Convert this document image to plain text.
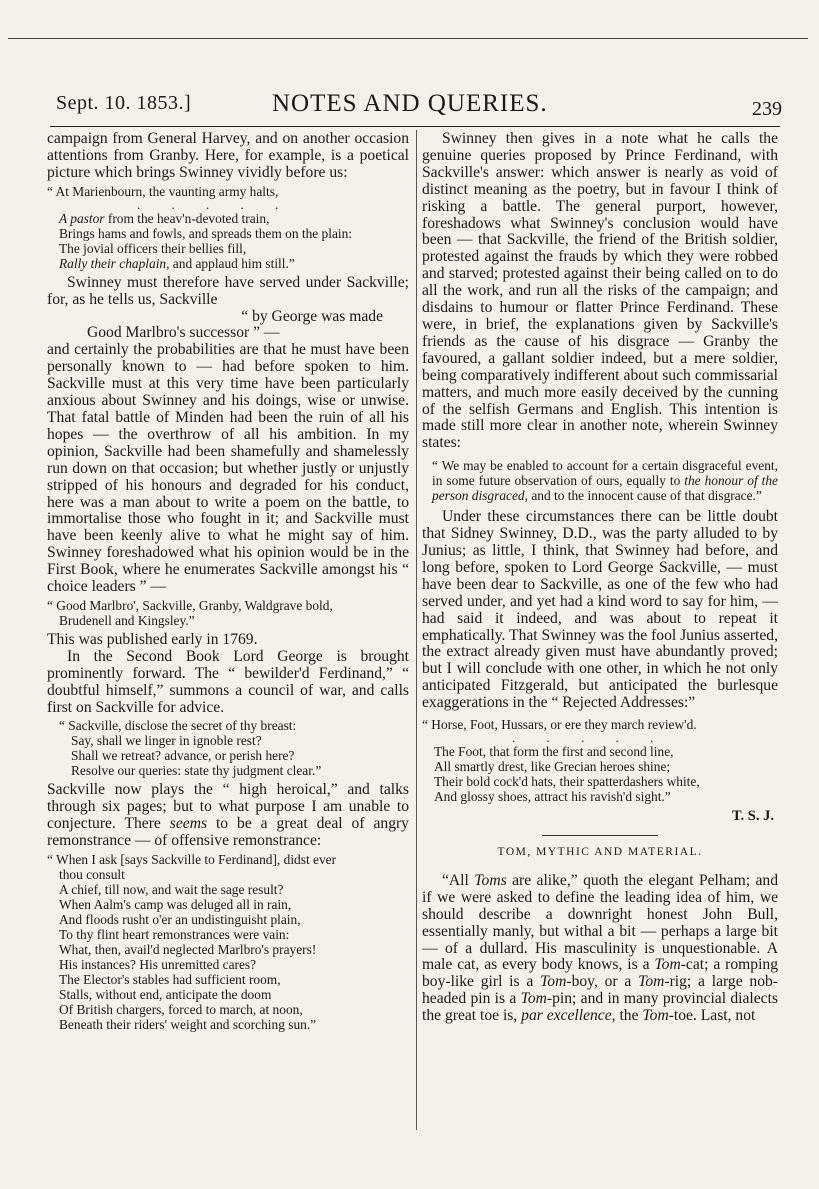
Sept. 10. 1853.]	NOTES AND QUERIES.	239

campaign from General Harvey, and on another occasion attentions from Granby. Here, for example, is a poetical picture which brings Swinney vividly before us:

“ At Marienbourn, the vaunting army halts,
. . . . .
A pastor from the heav'n-devoted train,
Brings hams and fowls, and spreads them on the plain:
The jovial officers their bellies fill,
Rally their chaplain, and applaud him still.”

Swinney must therefore have served under Sackville; for, as he tells us, Sackville

“ by George was made
Good Marlbro's successor ” —

and certainly the probabilities are that he must have been personally known to — had before spoken to him. Sackville must at this very time have been particularly anxious about Swinney and his doings, wise or unwise. That fatal battle of Minden had been the ruin of all his hopes — the overthrow of all his ambition. In my opinion, Sackville had been shamefully and shamelessly run down on that occasion; but whether justly or unjustly stripped of his honours and degraded for his conduct, here was a man about to write a poem on the battle, to immortalise those who fought in it; and Sackville must have been keenly alive to what he might say of him. Swinney foreshadowed what his opinion would be in the First Book, where he enumerates Sackville amongst his “ choice leaders ” —

“ Good Marlbro', Sackville, Granby, Waldgrave bold,
Brudenell and Kingsley.”

This was published early in 1769.

In the Second Book Lord George is brought prominently forward. The “ bewilder'd Ferdinand,” “ doubtful himself,” summons a council of war, and calls first on Sackville for advice.

“ Sackville, disclose the secret of thy breast:
Say, shall we linger in ignoble rest?
Shall we retreat? advance, or perish here?
Resolve our queries: state thy judgment clear.”

Sackville now plays the “ high heroical,” and talks through six pages; but to what purpose I am unable to conjecture. There seems to be a great deal of angry remonstrance — of offensive remonstrance:

“ When I ask [says Sackville to Ferdinand], didst ever
thou consult
A chief, till now, and wait the sage result?
When Aalm's camp was deluged all in rain,
And floods rusht o'er an undistinguisht plain,
To thy flint heart remonstrances were vain:
What, then, avail'd neglected Marlbro's prayers!
His instances? His unremitted cares?
The Elector's stables had sufficient room,
Stalls, without end, anticipate the doom
Of British chargers, forced to march, at noon,
Beneath their riders' weight and scorching sun.”

Swinney then gives in a note what he calls the genuine queries proposed by Prince Ferdinand, with Sackville's answer: which answer is nearly as void of distinct meaning as the poetry, but in favour I think of risking a battle. The general purport, however, foreshadows what Swinney's conclusion would have been — that Sackville, the friend of the British soldier, protested against the frauds by which they were robbed and starved; protested against their being called on to do all the work, and run all the risks of the campaign; and disdains to humour or flatter Prince Ferdinand. These were, in brief, the explanations given by Sackville's friends as the cause of his disgrace — Granby the favoured, a gallant soldier indeed, but a mere soldier, being comparatively indifferent about such commissarial matters, and much more easily deceived by the cunning of the selfish Germans and English. This intention is made still more clear in another note, wherein Swinney states:

“ We may be enabled to account for a certain disgraceful event, in some future observation of ours, equally to the honour of the person disgraced, and to the innocent cause of that disgrace.”

Under these circumstances there can be little doubt that Sidney Swinney, D.D., was the party alluded to by Junius; as little, I think, that Swinney had before, and long before, spoken to Lord George Sackville, — must have been dear to Sackville, as one of the few who had served under, and yet had a kind word to say for him, — had said it indeed, and was about to repeat it emphatically. That Swinney was the fool Junius asserted, the extract already given must have abundantly proved; but I will conclude with one other, in which he not only anticipated Fitzgerald, but anticipated the burlesque exaggerations in the “ Rejected Addresses:”

“ Horse, Foot, Hussars, or ere they march review'd.
. . . . .
The Foot, that form the first and second line,
All smartly drest, like Grecian heroes shine;
Their bold cock'd hats, their spatterdashers white,
And glossy shoes, attract his ravish'd sight.”
T. S. J.
TOM, MYTHIC AND MATERIAL.

“All Toms are alike,” quoth the elegant Pelham; and if we were asked to define the leading idea of him, we should describe a downright honest John Bull, essentially manly, but withal a bit — perhaps a large bit — of a dullard. His masculinity is unquestionable. A male cat, as every body knows, is a Tom-cat; a romping boy-like girl is a Tom-boy, or a Tom-rig; a large nob-headed pin is a Tom-pin; and in many provincial dialects the great toe is, par excellence, the Tom-toe. Last, not
